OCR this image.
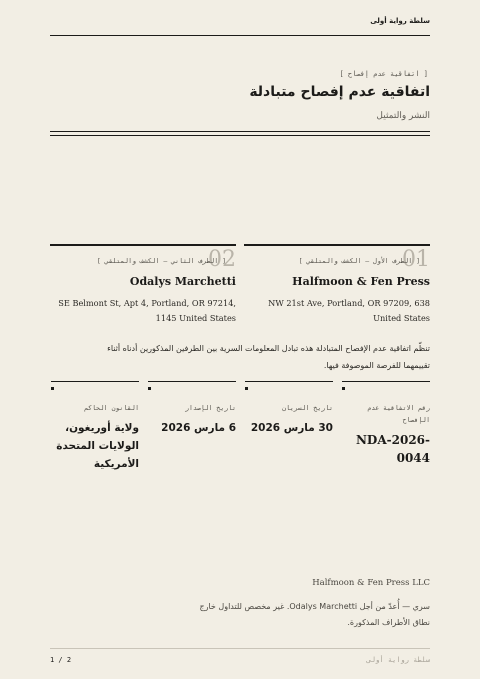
سلطة رواية أولى
[ اتفاقية عدم إفصاح ]
اتفاقية عدم إفصاح متبادلة
النشر والتمثيل
01
[ الطرف الأول — الكشف والمتلقي ]
Halfmoon & Fen Press
NW 21st Ave, Portland, OR 97209, 638 United States
02
[ الطرف الثاني — الكشف والمتلقي ]
Odalys Marchetti
SE Belmont St, Apt 4, Portland, OR 97214, 1145 United States
تنظّم اتفاقية عدم الإفصاح المتبادلة هذه تبادل المعلومات السرية بين الطرفين المذكورين أدناه أثناء تقييمهما للفرصة الموصوفة فيها.
رقم الاتفاقية عدم الإفصاح
NDA-2026-0044
تاريخ السريان
30 مارس 2026
تاريخ الإصدار
6 مارس 2026
القانون الحاكم
ولاية أوريغون، الولايات المتحدة الأمريكية
Halfmoon & Fen Press LLC
سري — أُعدّ من أجل Odalys Marchetti. غير مخصص للتداول خارج نطاق الأطراف المذكورة.
1 / 2	سلطة رواية أولى
